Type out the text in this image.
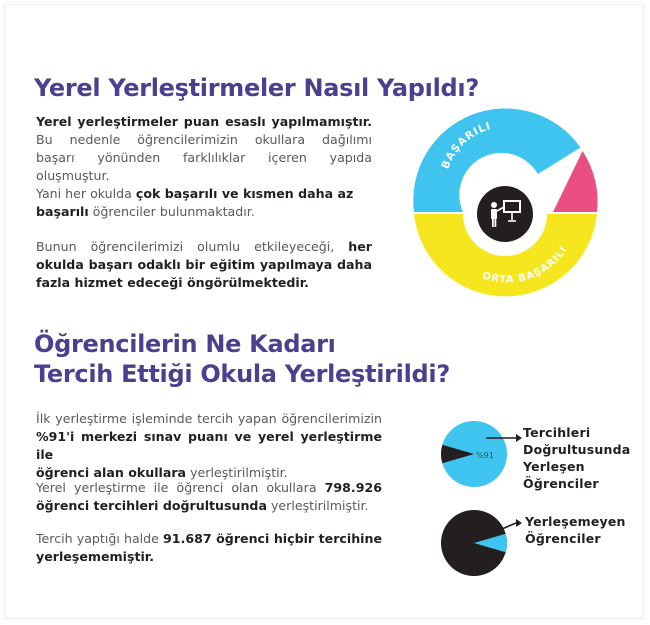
Yerel Yerleştirmeler Nasıl Yapıldı?
Yerel yerleştirmeler puan esaslı yapılmamıştır.
Bu nedenle öğrencilerimizin okullara dağılımı
başarı yönünden farklılıklar içeren yapıda
oluşmuştur.
Yani her okulda çok başarılı ve kısmen daha az
başarılı öğrenciler bulunmaktadır.
Bunun öğrencilerimizi olumlu etkileyeceği, her
okulda başarı odaklı bir eğitim yapılmaya daha
fazla hizmet edeceği öngörülmektedir.
BAŞARILI
ORTA BAŞARILI
Öğrencilerin Ne Kadarı
Tercih Ettiği Okula Yerleştirildi?
İlk yerleştirme işleminde tercih yapan öğrencilerimizin
%91'i merkezi sınav puanı ve yerel yerleştirme ile
öğrenci alan okullara yerleştirilmiştir.
Yerel yerleştirme ile öğrenci olan okullara 798.926
öğrenci tercihleri doğrultusunda yerleştirilmiştir.
Tercih yaptığı halde 91.687 öğrenci hiçbir tercihine
yerleşememiştir.
%91
%09
Tercihleri
Doğrultusunda
Yerleşen
Öğrenciler
Yerleşemeyen
Öğrenciler
